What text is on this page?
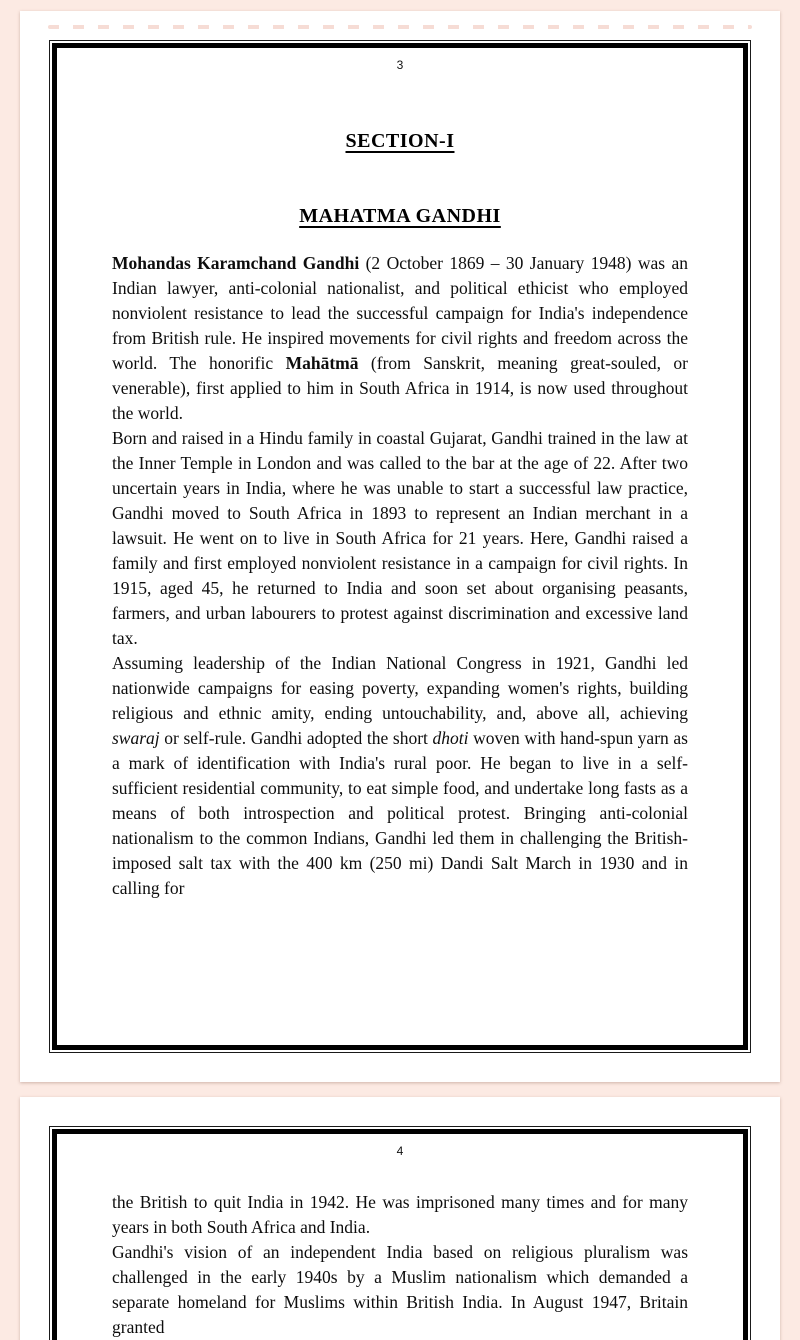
3
SECTION-I
MAHATMA GANDHI

Mohandas Karamchand Gandhi (2 October 1869 – 30 January 1948) was an Indian lawyer, anti-colonial nationalist, and political ethicist who employed nonviolent resistance to lead the successful campaign for India's independence from British rule. He inspired movements for civil rights and freedom across the world. The honorific Mahātmā (from Sanskrit, meaning great-souled, or venerable), first applied to him in South Africa in 1914, is now used throughout the world.

Born and raised in a Hindu family in coastal Gujarat, Gandhi trained in the law at the Inner Temple in London and was called to the bar at the age of 22. After two uncertain years in India, where he was unable to start a successful law practice, Gandhi moved to South Africa in 1893 to represent an Indian merchant in a lawsuit. He went on to live in South Africa for 21 years. Here, Gandhi raised a family and first employed nonviolent resistance in a campaign for civil rights. In 1915, aged 45, he returned to India and soon set about organising peasants, farmers, and urban labourers to protest against discrimination and excessive land tax.

Assuming leadership of the Indian National Congress in 1921, Gandhi led nationwide campaigns for easing poverty, expanding women's rights, building religious and ethnic amity, ending untouchability, and, above all, achieving swaraj or self-rule. Gandhi adopted the short dhoti woven with hand-spun yarn as a mark of identification with India's rural poor. He began to live in a self-sufficient residential community, to eat simple food, and undertake long fasts as a means of both introspection and political protest. Bringing anti-colonial nationalism to the common Indians, Gandhi led them in challenging the British-imposed salt tax with the 400 km (250 mi) Dandi Salt March in 1930 and in calling for

4

the British to quit India in 1942. He was imprisoned many times and for many years in both South Africa and India.

Gandhi's vision of an independent India based on religious pluralism was challenged in the early 1940s by a Muslim nationalism which demanded a separate homeland for Muslims within British India. In August 1947, Britain granted
